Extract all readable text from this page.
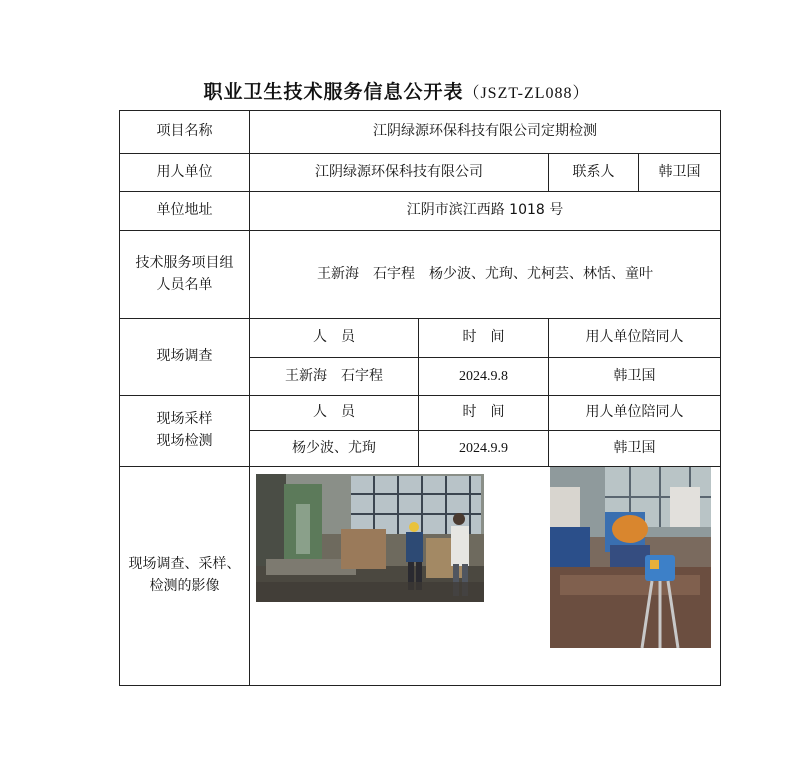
职业卫生技术服务信息公开表（JSZT-ZL088）
项目名称	江阴绿源环保科技有限公司定期检测			
用人单位	江阴绿源环保科技有限公司		联系人	韩卫国
单位地址	江阴市滨江西路 1018 号			
技术服务项目组人员名单	王新海　石宇程　杨少波、尤珣、尤柯芸、林恬、童叶			
现场调查	人　员	时　间	用人单位陪同人	
	王新海　石宇程	2024.9.8	韩卫国	
现场采样现场检测	人　员	时　间	用人单位陪同人	
	杨少波、尤珣	2024.9.9	韩卫国	
现场调查、采样、检测的影像	
